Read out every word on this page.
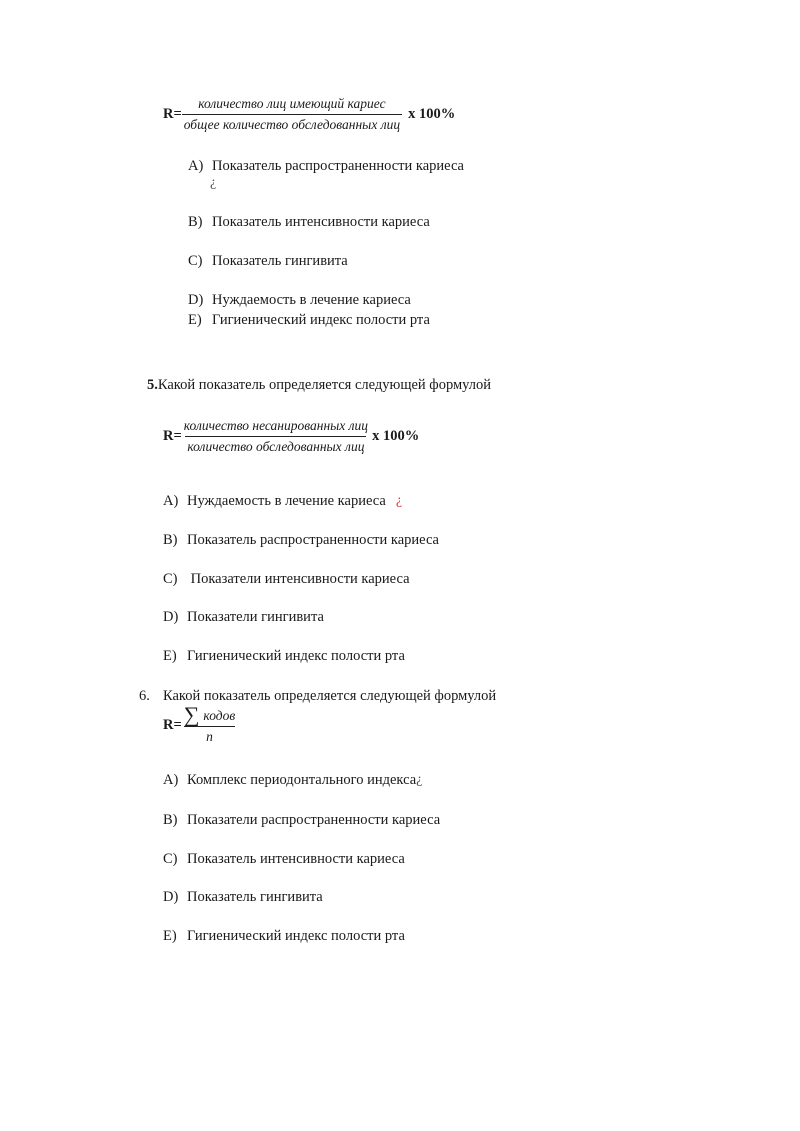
$R= \frac{\text{количество лиц имеющий кариес}}{\text{общее количество обследованных лиц}}$ х 100%
A) Показатель распространенности кариеса
¿
B) Показатель интенсивности кариеса
C) Показатель гингивита
D) Нуждаемость в лечение кариеса
E) Гигиенический индекс полости рта
5.Какой показатель определяется следующей формулой
$R= \frac{\text{количество несанированных лиц}}{\text{количество обследованных лиц}}$ х 100%
A) Нуждаемость в лечение кариеса ¿
B) Показатель распространенности кариеса
C) Показатели интенсивности кариеса
D) Показатели гингивита
E) Гигиенический индекс полости рта
6. Какой показатель определяется следующей формулой
$R= \frac{\text{∑ кодов}}{n}$
A) Комплекс периодонтального индекса ¿
B) Показатели распространенности кариеса
C) Показатель интенсивности кариеса
D) Показатель гингивита
E) Гигиенический индекс полости рта
